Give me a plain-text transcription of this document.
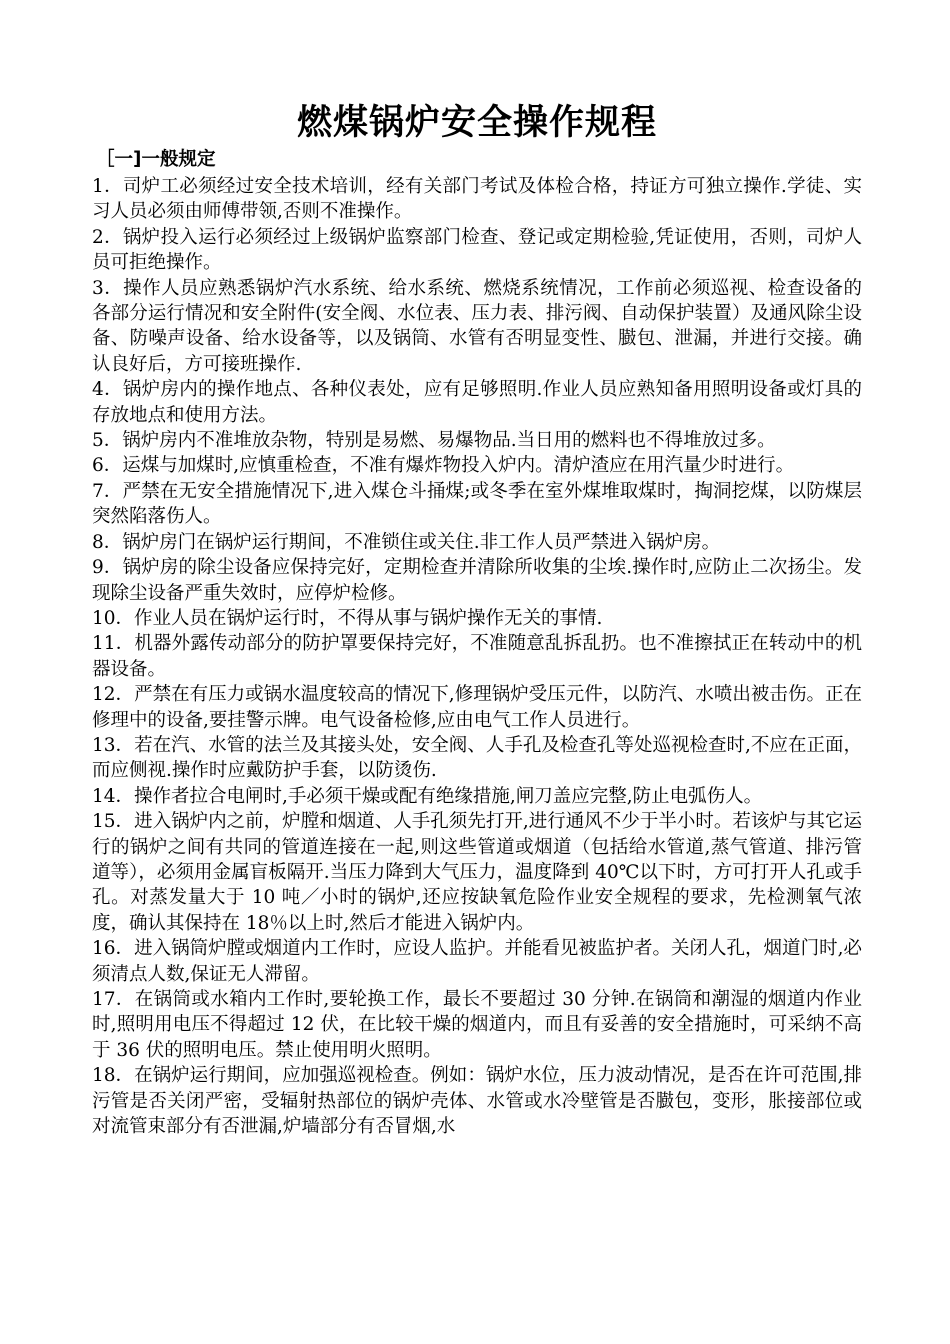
燃煤锅炉安全操作规程
［一]一般规定

1．司炉工必须经过安全技术培训，经有关部门考试及体检合格，持证方可独立操作.学徒、实习人员必须由师傅带领,否则不准操作。

2．锅炉投入运行必须经过上级锅炉监察部门检查、登记或定期检验,凭证使用，否则，司炉人员可拒绝操作。

3．操作人员应熟悉锅炉汽水系统、给水系统、燃烧系统情况，工作前必须巡视、检查设备的各部分运行情况和安全附件(安全阀、水位表、压力表、排污阀、自动保护装置）及通风除尘设备、防噪声设备、给水设备等，以及锅筒、水管有否明显变性、臌包、泄漏，并进行交接。确认良好后，方可接班操作.

4．锅炉房内的操作地点、各种仪表处，应有足够照明.作业人员应熟知备用照明设备或灯具的存放地点和使用方法。

5．锅炉房内不准堆放杂物，特别是易燃、易爆物品.当日用的燃料也不得堆放过多。

6．运煤与加煤时,应慎重检查，不准有爆炸物投入炉内。清炉渣应在用汽量少时进行。

7．严禁在无安全措施情况下,进入煤仓斗捅煤;或冬季在室外煤堆取煤时，掏洞挖煤，以防煤层突然陷落伤人。

8．锅炉房门在锅炉运行期间，不准锁住或关住.非工作人员严禁进入锅炉房。

9．锅炉房的除尘设备应保持完好，定期检查并清除所收集的尘埃.操作时,应防止二次扬尘。发现除尘设备严重失效时，应停炉检修。

10．作业人员在锅炉运行时，不得从事与锅炉操作无关的事情.

11．机器外露传动部分的防护罩要保持完好，不准随意乱拆乱扔。也不准擦拭正在转动中的机器设备。

12．严禁在有压力或锅水温度较高的情况下,修理锅炉受压元件，以防汽、水喷出被击伤。正在修理中的设备,要挂警示牌。电气设备检修,应由电气工作人员进行。

13．若在汽、水管的法兰及其接头处，安全阀、人手孔及检查孔等处巡视检查时,不应在正面，而应侧视.操作时应戴防护手套，以防烫伤.

14．操作者拉合电闸时,手必须干燥或配有绝缘措施,闸刀盖应完整,防止电弧伤人。

15．进入锅炉内之前，炉膛和烟道、人手孔须先打开,进行通风不少于半小时。若该炉与其它运行的锅炉之间有共同的管道连接在一起,则这些管道或烟道（包括给水管道,蒸气管道、排污管道等），必须用金属盲板隔开.当压力降到大气压力，温度降到 40℃以下时，方可打开人孔或手孔。对蒸发量大于 10 吨／小时的锅炉,还应按缺氧危险作业安全规程的要求，先检测氧气浓度，确认其保持在 18％以上时,然后才能进入锅炉内。

16．进入锅筒炉膛或烟道内工作时，应设人监护。并能看见被监护者。关闭人孔，烟道门时,必须清点人数,保证无人滞留。

17．在锅筒或水箱内工作时,要轮换工作，最长不要超过 30 分钟.在锅筒和潮湿的烟道内作业时,照明用电压不得超过 12 伏，在比较干燥的烟道内，而且有妥善的安全措施时，可采纳不高于 36 伏的照明电压。禁止使用明火照明。

18．在锅炉运行期间，应加强巡视检查。例如：锅炉水位，压力波动情况，是否在许可范围,排污管是否关闭严密，受辐射热部位的锅炉壳体、水管或水冷壁管是否臌包，变形，胀接部位或对流管束部分有否泄漏,炉墙部分有否冒烟,水
